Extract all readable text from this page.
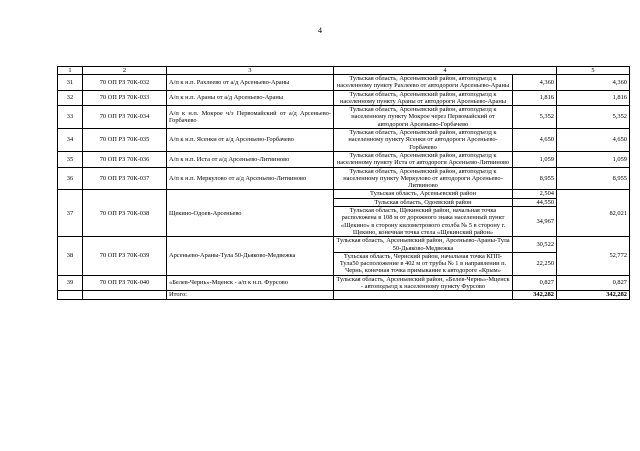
4
1	2	3	4		5
31	70 ОП РЗ 70К-032	А/п к н.п. Рахлеево от а/д Арсеньево-Араны	Тульская область, Арсеньевский район, автоподъезд к населенному пункту Рахлеево от автодороги Арсеньево-Араны	4,360	4,360
32	70 ОП РЗ 70К-033	А/п к н.п. Араны от а/д Арсеньево-Араны	Тульская область, Арсеньевский район, автоподъезд к населенному пункту Араны от автодороги Арсеньево-Араны	1,816	1,816
33	70 ОП РЗ 70К-034	А/п к н.п. Мокрое ч/з Первомайский от а/д Арсеньево-Горбачево	Тульская область, Арсеньевский район, автоподъезд к населенному пункту Мокрое через Первомайский от автодороги Арсеньево-Горбачево	5,352	5,352
34	70 ОП РЗ 70К-035	А/п к н.п. Ясенки от а/д Арсеньево-Горбачево	Тульская область, Арсеньевский район, автоподъезд к населенному пункту Ясенки от автодороги Арсеньево-Горбачево	4,650	4,650
35	70 ОП РЗ 70К-036	А/п к н.п. Иста от а/д Арсеньево-Литвиново	Тульская область, Арсеньевский район, автоподъезд к населенному пункту Иста от автодороги Арсеньево-Литвиново	1,059	1,059
36	70 ОП РЗ 70К-037	А/п к н.п. Меркулово от а/д Арсеньево-Литвиново	Тульская область, Арсеньевский район, автоподъезд к населенному пункту Меркулово от автодороги Арсеньево-Литвиново	8,955	8,955
37	70 ОП РЗ 70К-038	Щекино-Одоев-Арсеньево	Тульская область, Арсеньевский район	2,504	82,021
			Тульская область, Одоевский район	44,550	
			Тульская область, Щекинский район, начальная точка расположена в 108 м от дорожного знака населенный пункт «Щекино» в сторону километрового столба № 5 в сторону г. Щекино, конечная точка стела «Щекинский район»	34,967	
38	70 ОП РЗ 70К-039	Арсеньево-Араны-Тула 50-Дьяково-Медвежка	Тульская область, Арсеньевский район, Арсеньево-Араны-Тула 50-Дьяково-Медвежка	30,522	52,772
			Тульская область, Чернский район, начальная точка КПП-Тула50 расположение в 402 м от трубы № 1 в направлении п. Чернь, конечная точка примыкание к автодороге «Крым»	22,250	
39	70 ОП РЗ 70К-040	«Белев-Чернь»-Мценск - а/п к н.п. Фурсово	Тульская область, Арсеньевский район, «Белев-Чернь»-Мценск - автоподъезд к населенному пункту Фурсово	0,827	0,827
		Итого:		342,282	342,282
